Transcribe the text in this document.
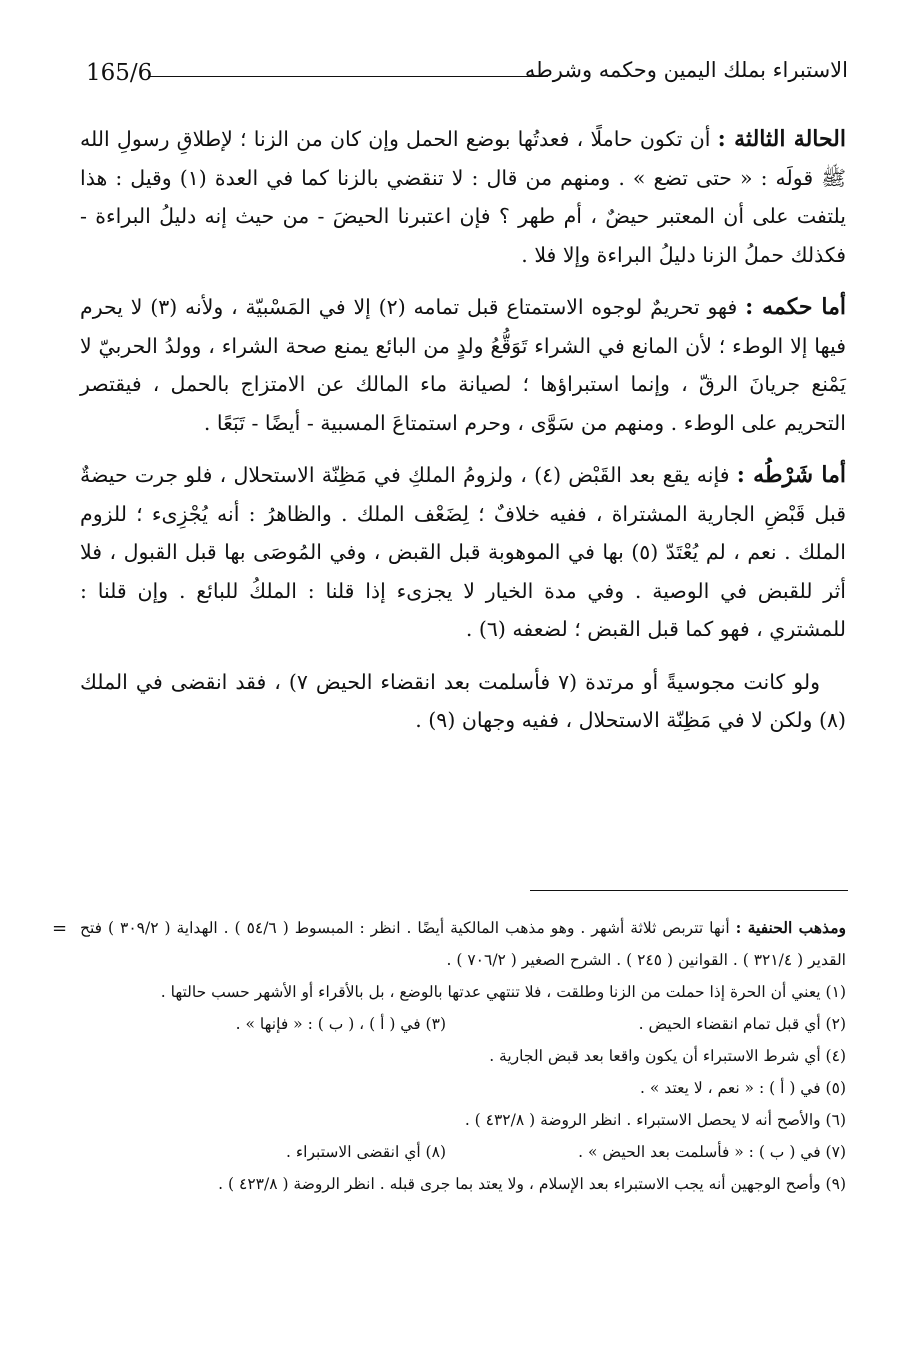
165/6	الاستبراء بملك اليمين وحكمه وشرطه

الحالة الثالثة : أن تكون حاملًا ، فعدتُها بوضع الحمل وإن كان من الزنا ؛ لإطلاقِ رسولِ الله ﷺ قولَه : « حتى تضع » . ومنهم من قال : لا تنقضي بالزنا كما في العدة (١) وقيل : هذا يلتفت على أن المعتبر حيضٌ ، أم طهر ؟ فإن اعتبرنا الحيضَ - من حيث إنه دليلُ البراءة - فكذلك حملُ الزنا دليلُ البراءة وإلا فلا .

أما حكمه : فهو تحريمٌ لوجوه الاستمتاع قبل تمامه (٢) إلا في المَسْبيّة ، ولأنه (٣) لا يحرم فيها إلا الوطء ؛ لأن المانع في الشراء تَوَقُّعُ ولدٍ من البائع يمنع صحة الشراء ، وولدُ الحربيّ لا يَمْنع جريانَ الرقّ ، وإنما استبراؤها ؛ لصيانة ماء المالك عن الامتزاج بالحمل ، فيقتصر التحريم على الوطء . ومنهم من سَوَّى ، وحرم استمتاعَ المسبية - أيضًا - تَبَعًا .

أما شَرْطُه : فإنه يقع بعد القَبْض (٤) ، ولزومُ الملكِ في مَظِنّة الاستحلال ، فلو جرت حيضةٌ قبل قَبْضِ الجارية المشتراة ، ففيه خلافٌ ؛ لِضَعْف الملك . والظاهرُ : أنه يُجْزِىء ؛ للزوم الملك . نعم ، لم يُعْتَدّ (٥) بها في الموهوبة قبل القبض ، وفي المُوصَى بها قبل القبول ، فلا أثر للقبض في الوصية . وفي مدة الخيار لا يجزىء إذا قلنا : الملكُ للبائع . وإن قلنا : للمشتري ، فهو كما قبل القبض ؛ لضعفه (٦) .

ولو كانت مجوسيةً أو مرتدة (٧ فأسلمت بعد انقضاء الحيض ٧) ، فقد انقضى في الملك (٨) ولكن لا في مَظِنّة الاستحلال ، ففيه وجهان (٩) .

=	ومذهب الحنفية : أنها تتربص ثلاثة أشهر . وهو مذهب المالكية أيضًا . انظر : المبسوط ( ٥٤/٦ ) . الهداية ( ٣٠٩/٢ ) فتح القدير ( ٣٢١/٤ ) . القوانين ( ٢٤٥ ) . الشرح الصغير ( ٧٠٦/٢ ) .

(١) يعني أن الحرة إذا حملت من الزنا وطلقت ، فلا تنتهي عدتها بالوضع ، بل بالأقراء أو الأشهر حسب حالتها .

(٢) أي قبل تمام انقضاء الحيض .
(٣) في ( أ ) ، ( ب ) : « فإنها » .

(٤) أي شرط الاستبراء أن يكون واقعا بعد قبض الجارية .

(٥) في ( أ ) : « نعم ، لا يعتد » .

(٦) والأصح أنه لا يحصل الاستبراء . انظر الروضة ( ٤٣٢/٨ ) .

(٧) في ( ب ) : « فأسلمت بعد الحيض » .
(٨) أي انقضى الاستبراء .

(٩) وأصح الوجهين أنه يجب الاستبراء بعد الإسلام ، ولا يعتد بما جرى قبله . انظر الروضة ( ٤٢٣/٨ ) .
